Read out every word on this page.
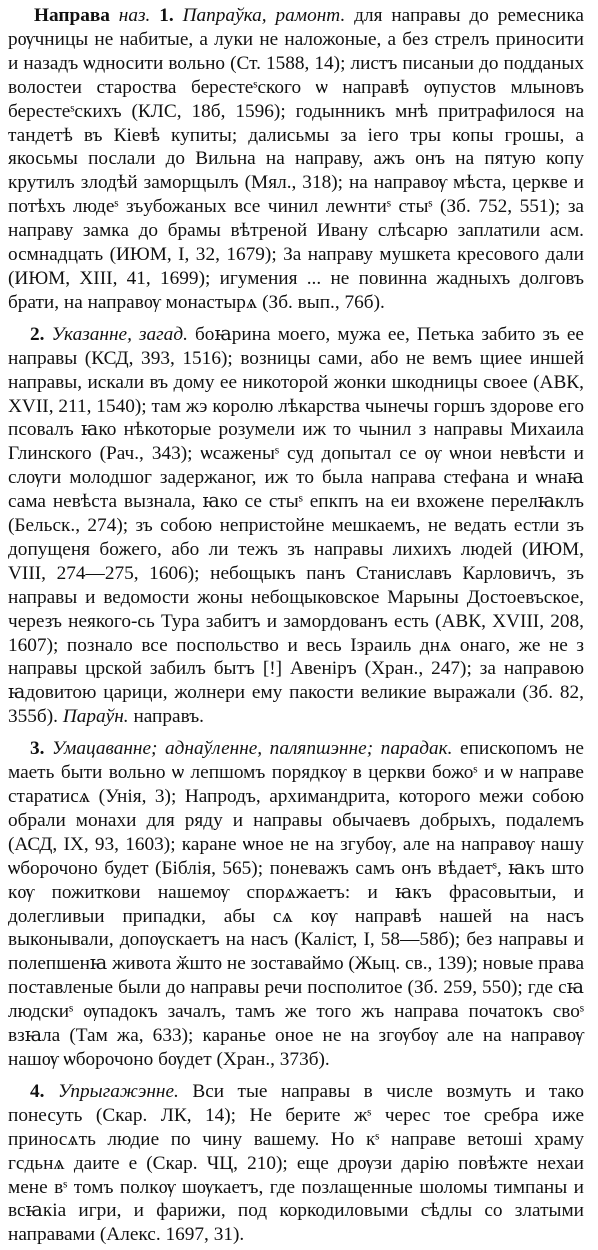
Направа наз. 1. Папраўка, рамонт. для направы до ремесника рѹчницы не набитые, а луки не наложоные, а без стрелъ приносити и назадъ ѡдносити вольно (Ст. 1588, 14); листъ писаныи до подданых волостеи староства берестеˢского ѡ направѣ ѹпустов млыновъ берестеˢскихъ (КЛС, 18б, 1596); годынникъ мнѣ притрафилося на тандетѣ въ Кіевѣ купиты; далисьмы за iего тры копы грошы, а якосьмы послали до Вильна на направу, ажъ онъ на пятую копу крутилъ злодѣй заморщылъ (Мял., 318); на направѹ мѣста, церкве и потѣхъ людеˢ зъубожаных все чинил леwнтиˢ стыˢ (Зб. 752, 551); за направу замка до брамы вѣтреной Ивану слѣсарю заплатили асм. осмнадцать (ИЮМ, I, 32, 1679); За направу мушкета кресового дали (ИЮМ, XIII, 41, 1699); игумения ... не повинна жадныхъ долговъ брати, на направѹ монастырѧ (Зб. вып., 76б).

2. Указанне, загад. боꙗрина моего, мужа ее, Петька забито зъ ее направы (КСД, 393, 1516); возницы сами, або не вемъ щиее иншей направы, искали въ дому ее никоторой жонки шкодницы своее (АВК, XVII, 211, 1540); там жэ королю лѣкарства чынечы горшъ здорове его псовалъ ꙗко нѣкоторые розумели иж то чынил з направы Михаила Глинского (Рач., 343); ѡсаженыˢ суд допытал се ѹ ѡнои невѣсти и слѹги молодшог задержаног, иж то была направа стефана и ѡнаꙗ сама невѣста вызнала, ꙗко се стыˢ епкпъ на еи вхожене перелꙗклъ (Бельск., 274); зъ собою непристойне мешкаемъ, не ведать естли зъ допущеня божего, або ли тежъ зъ направы лихихъ людей (ИЮМ, VIII, 274—275, 1606); небощыкъ панъ Станиславъ Карловичъ, зъ направы и ведомости жоны небощыковское Марыны Достоевъское, черезъ неякого-сь Тура забитъ и замордованъ есть (АВК, XVIII, 208, 1607); познало все поспольство и весь Ізраиль днѧ онаго, же не з направы црской забилъ бытъ [!] Авенiръ (Хран., 247); за направою ꙗдовитою царици, жолнери ему пакости великие выражали (Зб. 82, 355б). Параўн. направъ.

3. Умацаванне; аднаўленне, паляпшэнне; парадак. епископомъ не маеть быти вольно ѡ лепшомъ порядкѹ в церкви божоˢ и ѡ направе старатисѧ (Унія, 3); Напродъ, архимандрита, которого межи собою обрали монахи для ряду и направы обычаевъ добрыхъ, подалемъ (АСД, IX, 93, 1603); каране ѡное не на згубѹ, але на направѹ нашу ѡборочоно будет (Біблія, 565); поневажъ самъ онъ вѣдаетˢ, ꙗкъ што кѹ пожиткови нашемѹ спорѧжаетъ: и ꙗкъ фрасовытыи, и долегливыи припадки, абы сѧ кѹ направѣ нашей на насъ выконывали, допѹскаетъ на насъ (Каліст, I, 58—58б); без направы и полепшенꙗ живота ӂшто не зоставаймо (Жыц. св., 139); новые права поставленые были до направы речи посполитое (Зб. 259, 550); где сꙗ людскиˢ ѹпадокъ зачалъ, тамъ же того жъ направа початокъ своˢ взꙗла (Там жа, 633); каранье оное не на згѹбѹ але на направѹ нашѹ ѡборочоно бѹдет (Хран., 373б).

4. Упрыгажэнне. Вси тые направы в числе возмуть и тако понесуть (Скар. ЛК, 14); Не берите жˢ черес тое сребра иже приносѧть людие по чину вашему. Но кˢ направе ветошi храму гсдьнѧ даите е (Скар. ЧЦ, 210); еще дрѹзи дарію повѣжте нехаи мене вˢ томъ полкѹ шѹкаетъ, где позлащенные шоломы тимпаны и всꙗкiа игри, и фарижи, под коркодиловыми сѣдлы со златыми направами (Алекс. 1697, 31).
